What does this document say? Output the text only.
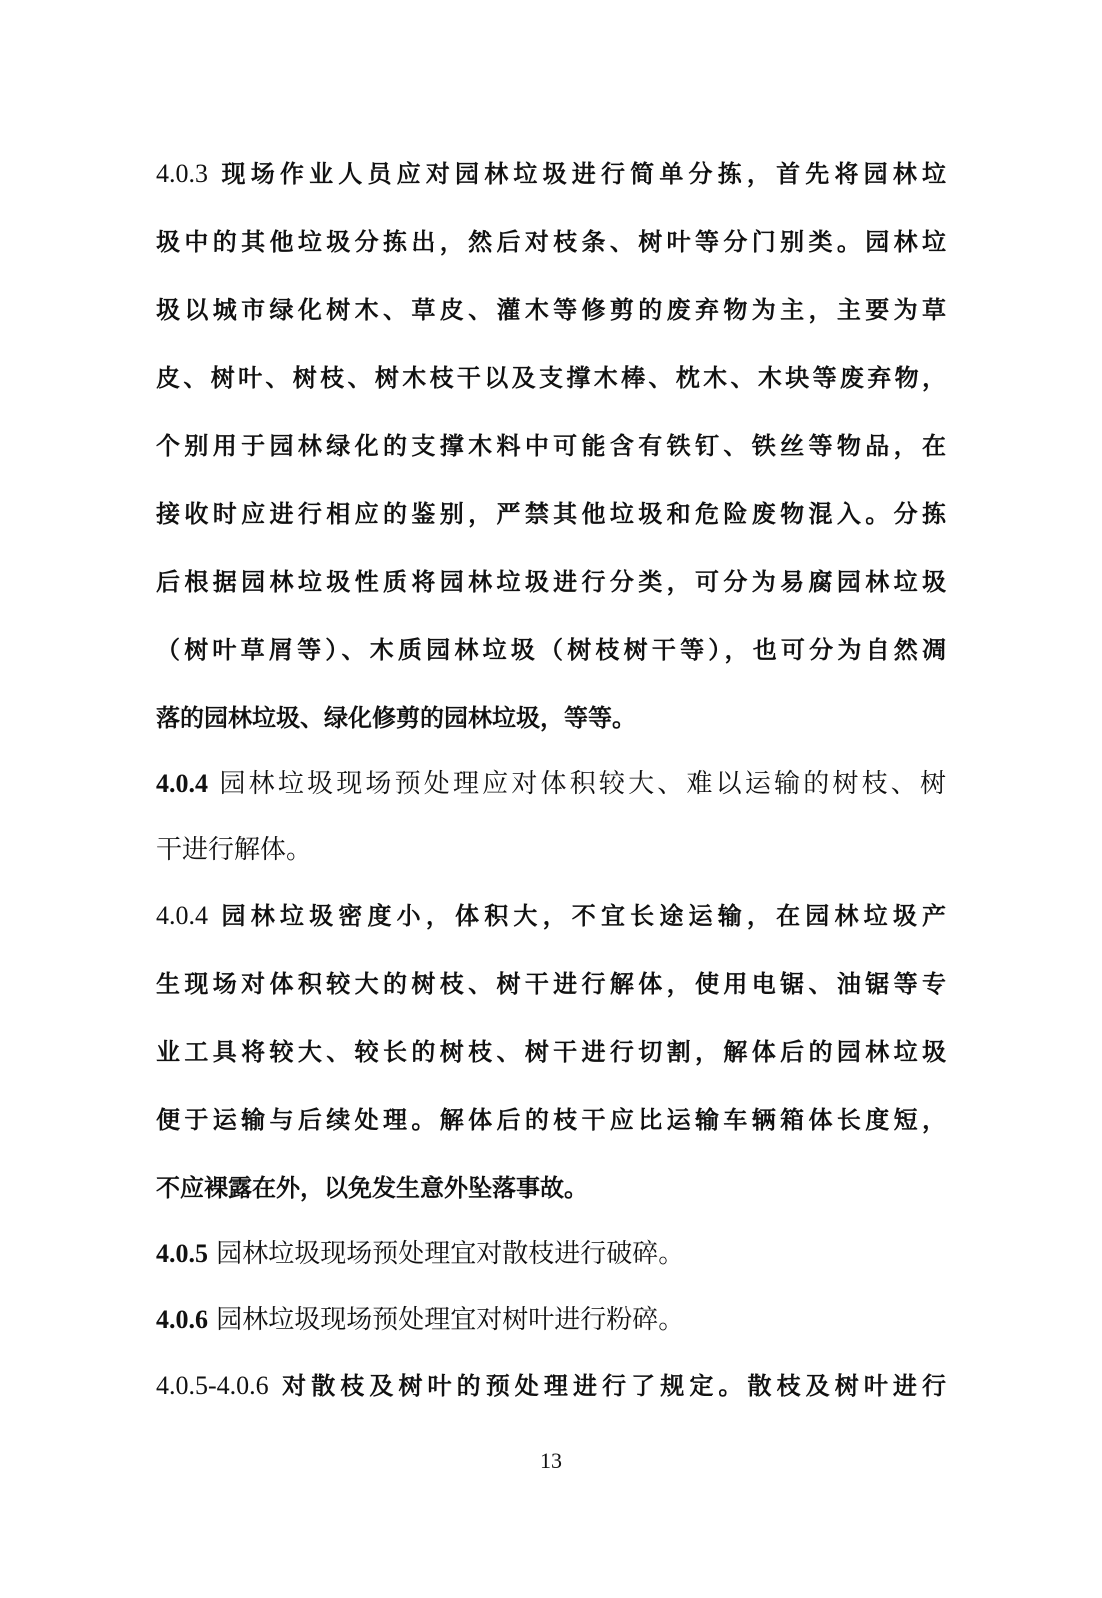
4.0.3 现场作业人员应对园林垃圾进行简单分拣，首先将园林垃
圾中的其他垃圾分拣出，然后对枝条、树叶等分门别类。园林垃
圾以城市绿化树木、草皮、灌木等修剪的废弃物为主，主要为草
皮、树叶、树枝、树木枝干以及支撑木棒、枕木、木块等废弃物，
个别用于园林绿化的支撑木料中可能含有铁钉、铁丝等物品，在
接收时应进行相应的鉴别，严禁其他垃圾和危险废物混入。分拣
后根据园林垃圾性质将园林垃圾进行分类，可分为易腐园林垃圾
（树叶草屑等）、木质园林垃圾（树枝树干等），也可分为自然凋
落的园林垃圾、绿化修剪的园林垃圾，等等。
4.0.4 园林垃圾现场预处理应对体积较大、难以运输的树枝、树
干进行解体。
4.0.4 园林垃圾密度小，体积大，不宜长途运输，在园林垃圾产
生现场对体积较大的树枝、树干进行解体，使用电锯、油锯等专
业工具将较大、较长的树枝、树干进行切割，解体后的园林垃圾
便于运输与后续处理。解体后的枝干应比运输车辆箱体长度短，
不应裸露在外，以免发生意外坠落事故。
4.0.5 园林垃圾现场预处理宜对散枝进行破碎。
4.0.6 园林垃圾现场预处理宜对树叶进行粉碎。
4.0.5-4.0.6 对散枝及树叶的预处理进行了规定。散枝及树叶进行
13
